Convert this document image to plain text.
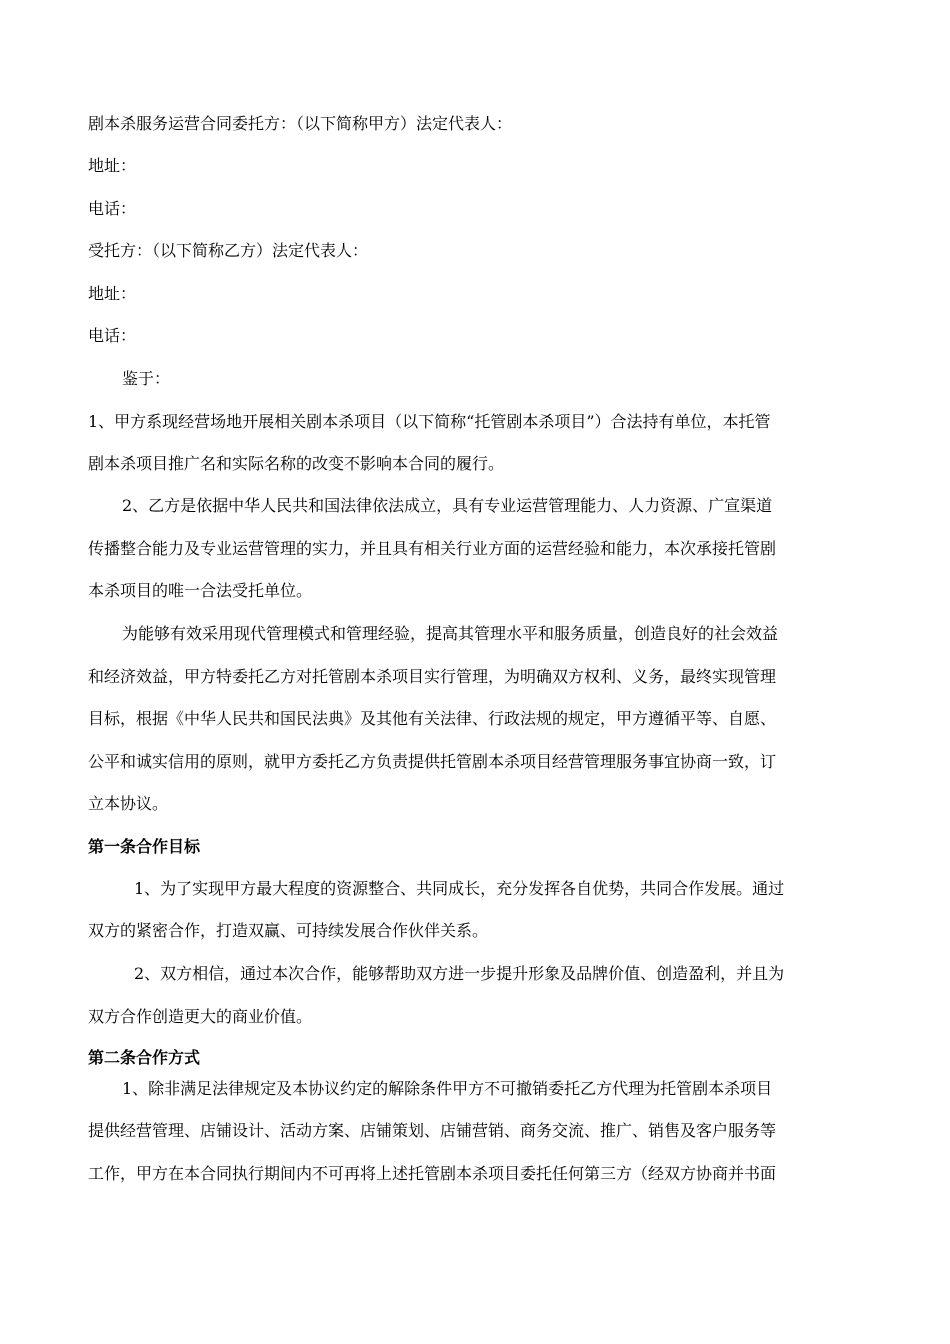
剧本杀服务运营合同委托方：（以下简称甲方）法定代表人：
地址：
电话：
受托方：（以下简称乙方）法定代表人：
地址：
电话：
鉴于：
1、甲方系现经营场地开展相关剧本杀项目（以下简称“托管剧本杀项目”）合法持有单位，本托管
剧本杀项目推广名和实际名称的改变不影响本合同的履行。
2、乙方是依据中华人民共和国法律依法成立，具有专业运营管理能力、人力资源、广宣渠道
传播整合能力及专业运营管理的实力，并且具有相关行业方面的运营经验和能力，本次承接托管剧
本杀项目的唯一合法受托单位。
为能够有效采用现代管理模式和管理经验，提高其管理水平和服务质量，创造良好的社会效益
和经济效益，甲方特委托乙方对托管剧本杀项目实行管理，为明确双方权利、义务，最终实现管理
目标，根据《中华人民共和国民法典》及其他有关法律、行政法规的规定，甲方遵循平等、自愿、
公平和诚实信用的原则，就甲方委托乙方负责提供托管剧本杀项目经营管理服务事宜协商一致，订
立本协议。
第一条合作目标
1、为了实现甲方最大程度的资源整合、共同成长，充分发挥各自优势，共同合作发展。通过
双方的紧密合作，打造双赢、可持续发展合作伙伴关系。
2、双方相信，通过本次合作，能够帮助双方进一步提升形象及品牌价值、创造盈利，并且为
双方合作创造更大的商业价值。
第二条合作方式
1、除非满足法律规定及本协议约定的解除条件甲方不可撤销委托乙方代理为托管剧本杀项目
提供经营管理、店铺设计、活动方案、店铺策划、店铺营销、商务交流、推广、销售及客户服务等
工作，甲方在本合同执行期间内不可再将上述托管剧本杀项目委托任何第三方（经双方协商并书面
